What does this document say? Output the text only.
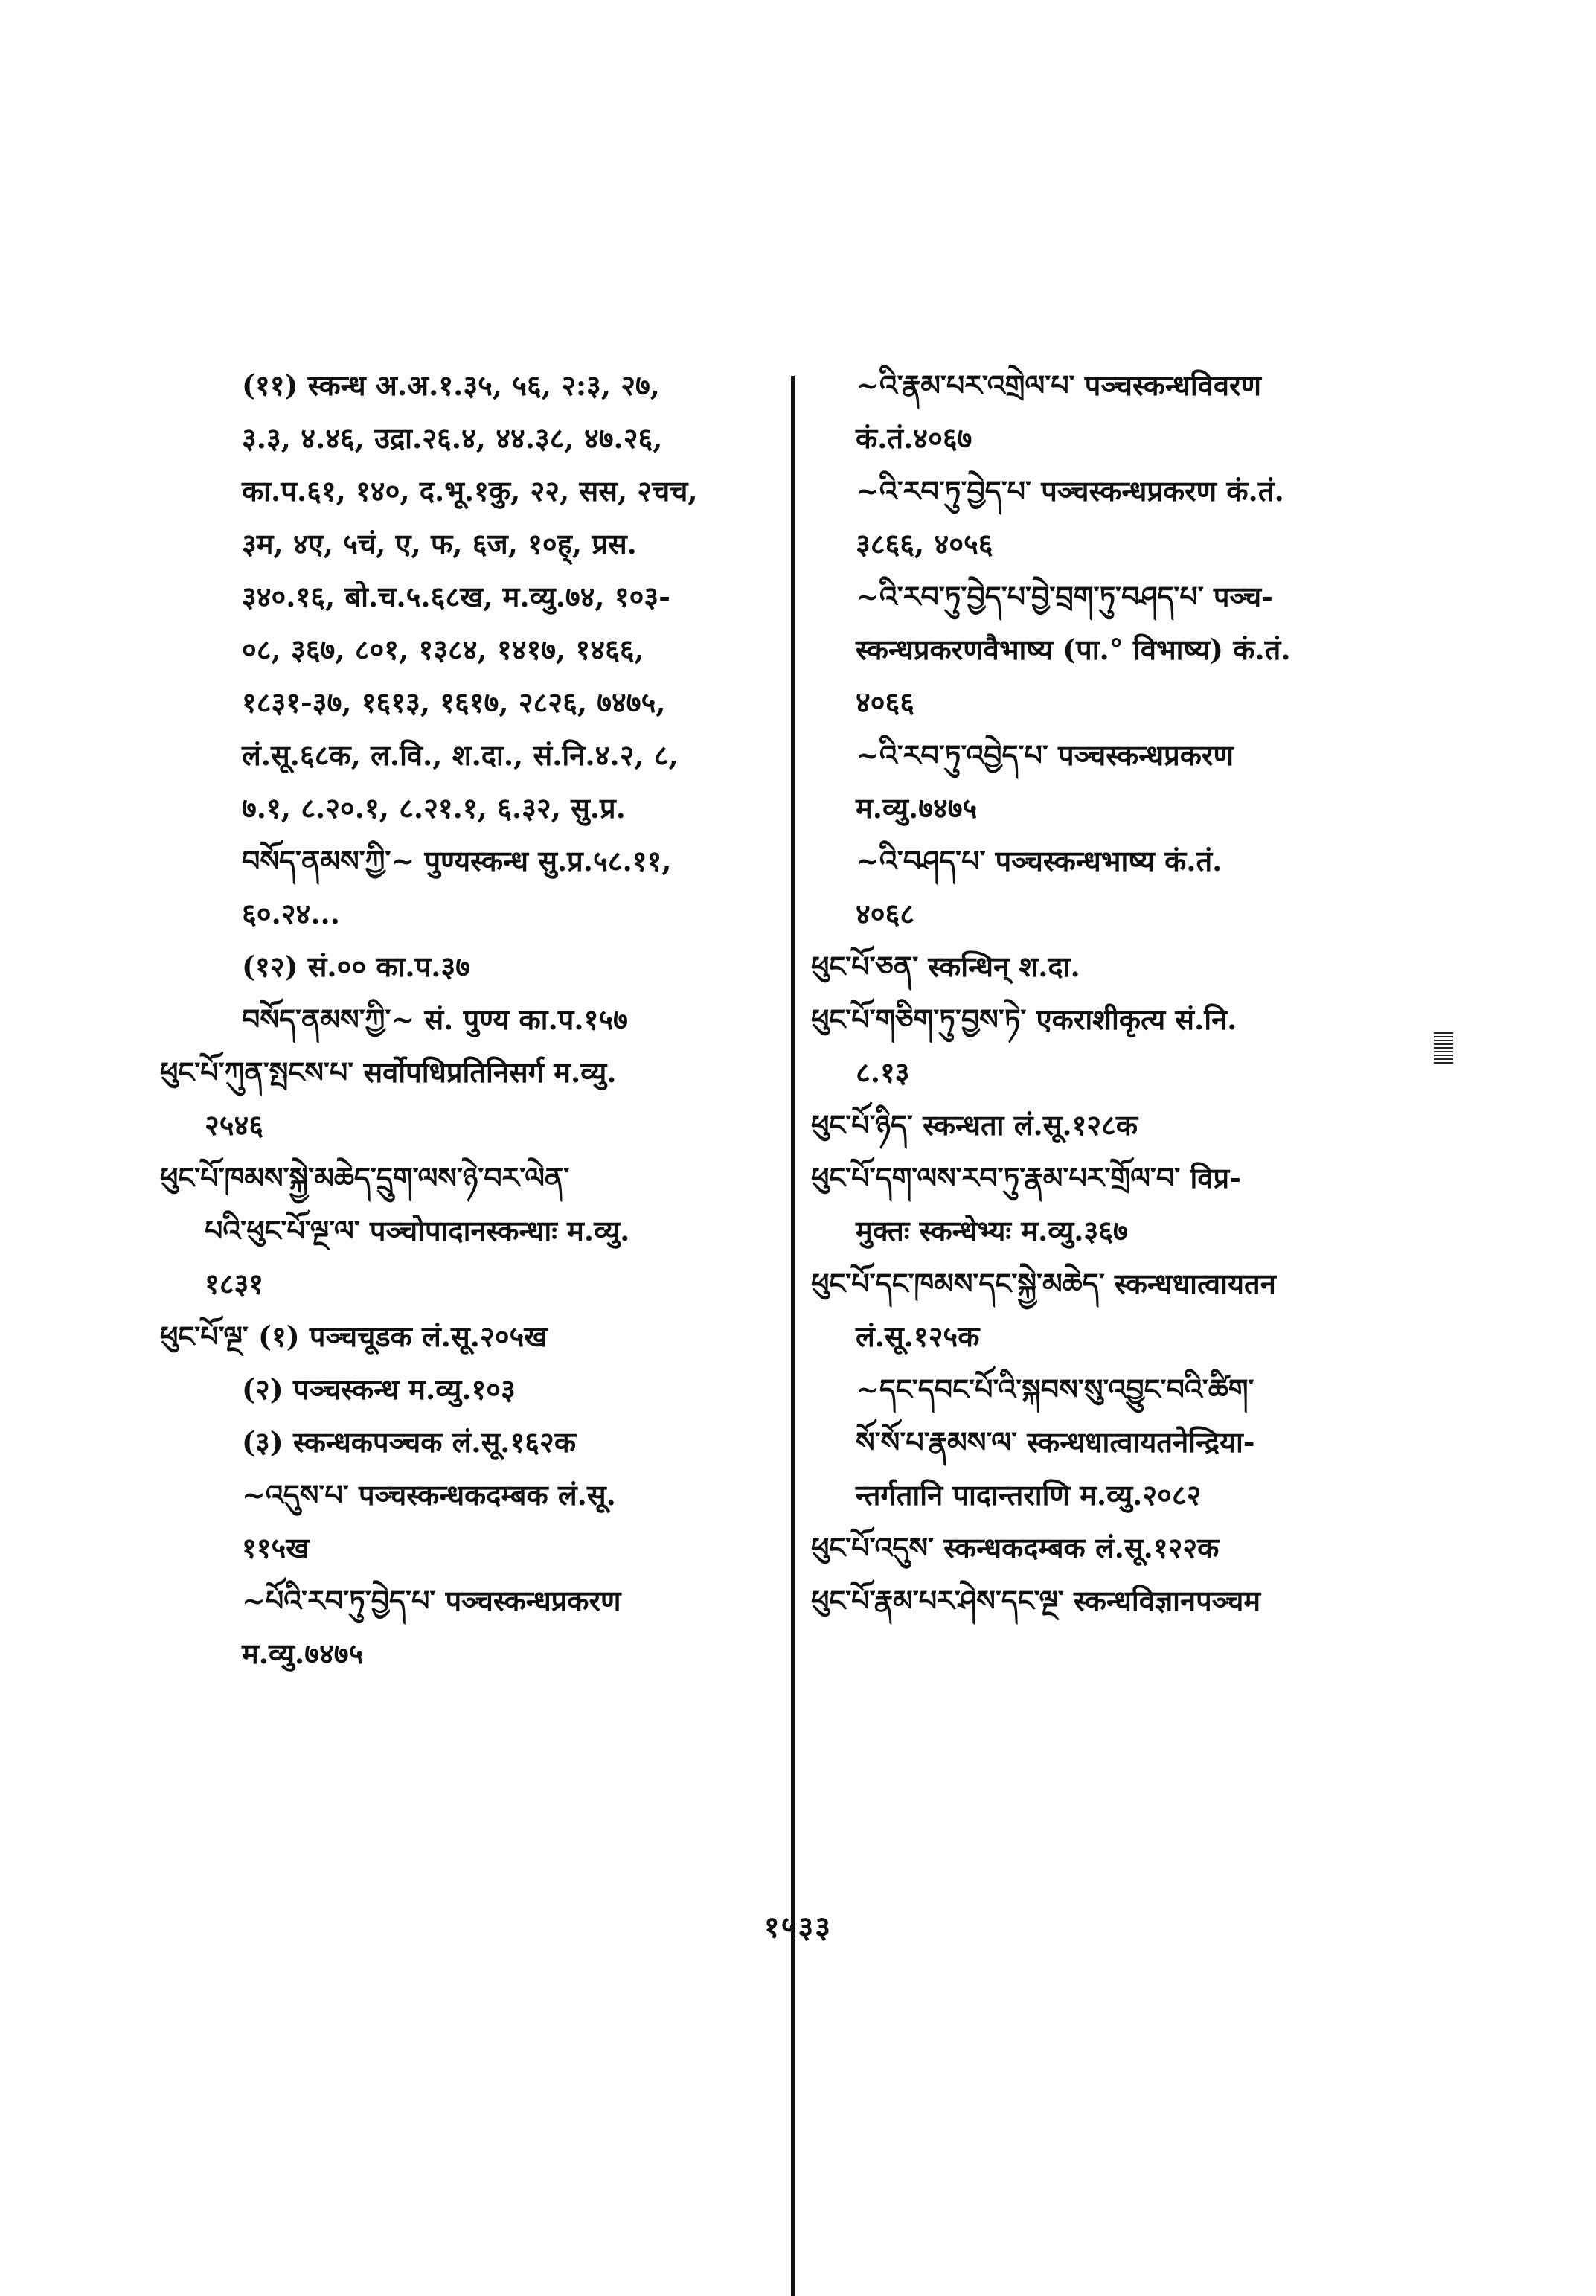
(११) स्कन्ध अ.अ.१.३५, ५६, २:३, २७,
३.३, ४.४६, उद्रा.२६.४, ४४.३८, ४७.२६,
का.प.६१, १४०, द.भू.१कु, २२, सस, २चच,
३म, ४ए, ५चं, ए, फ, ६ज, १०ह्, प्रस.
३४०.१६, बो.च.५.६८ख, म.व्यु.७४, १०३-
०८, ३६७, ८०१, १३८४, १४१७, १४६६,
१८३१-३७, १६१३, १६१७, २८२६, ७४७५,
लं.सू.६८क, ल.वि., श.दा., सं.नि.४.२, ८,
७.१, ८.२०.१, ८.२१.१, ६.३२, सु.प्र.
བསོད་ནམས་ཀྱི་~ पुण्यस्कन्ध सु.प्र.५८.११,
६०.२४...
(१२) सं.०० का.प.३७
བསོད་ནམས་ཀྱི་~ सं. पुण्य का.प.१५७
ཕུང་པོ་ཀུན་སྤངས་པ་ सर्वोपधिप्रतिनिसर्ग म.व्यु.
२५४६
ཕུང་པོ་ཁམས་སྐྱེ་མཆེད་དྲུག་ལས་ཉེ་བར་ལེན་
པའི་ཕུང་པོ་ལྔ་ལ་ पञ्चोपादानस्कन्धाः म.व्यु.
१८३१
ཕུང་པོ་ལྔ་ (१) पञ्चचूडक लं.सू.२०५ख
(२) पञ्चस्कन्ध म.व्यु.१०३
(३) स्कन्धकपञ्चक लं.सू.१६२क
~འདུས་པ་ पञ्चस्कन्धकदम्बक लं.सू.
११५ख
~པོའི་རབ་ཏུ་བྱེད་པ་ पञ्चस्कन्धप्रकरण
म.व्यु.७४७५
~འི་རྣམ་པར་འགྲེལ་པ་ पञ्चस्कन्धविवरण
कं.तं.४०६७
~འི་རབ་ཏུ་བྱེད་པ་ पञ्चस्कन्धप्रकरण कं.तं.
३८६६, ४०५६
~འི་རབ་ཏུ་བྱེད་པ་བྱེ་བྲག་ཏུ་བཤད་པ་ पञ्च-
स्कन्धप्रकरणवैभाष्य (पा.° विभाष्य) कं.तं.
४०६६
~འི་རབ་ཏུ་འབྱེད་པ་ पञ्चस्कन्धप्रकरण
म.व्यु.७४७५
~འི་བཤད་པ་ पञ्चस्कन्धभाष्य कं.तं.
४०६८
ཕུང་པོ་ཅན་ स्कन्धिन् श.दा.
ཕུང་པོ་གཅིག་ཏུ་བྱས་ཏེ་ एकराशीकृत्य सं.नि.
८.१३
ཕུང་པོ་ཉིད་ स्कन्धता लं.सू.१२८क
ཕུང་པོ་དག་ལས་རབ་ཏུ་རྣམ་པར་གྲོལ་བ་ विप्र-
मुक्तः स्कन्धेभ्यः म.व्यु.३६७
ཕུང་པོ་དང་ཁམས་དང་སྐྱེ་མཆེད་ स्कन्धधात्वायतन
लं.सू.१२५क
~དང་དབང་པོ་འི་སྐབས་སུ་འབྱུང་བའི་ཚིག་
སོ་སོ་པ་རྣམས་ལ་ स्कन्धधात्वायतनेन्द्रिया-
न्तर्गतानि पादान्तराणि म.व्यु.२०८२
ཕུང་པོ་འདུས་ स्कन्धकदम्बक लं.सू.१२२क
ཕུང་པོ་རྣམ་པར་ཤེས་དང་ལྔ་ स्कन्धविज्ञानपञ्चम
१५३३
